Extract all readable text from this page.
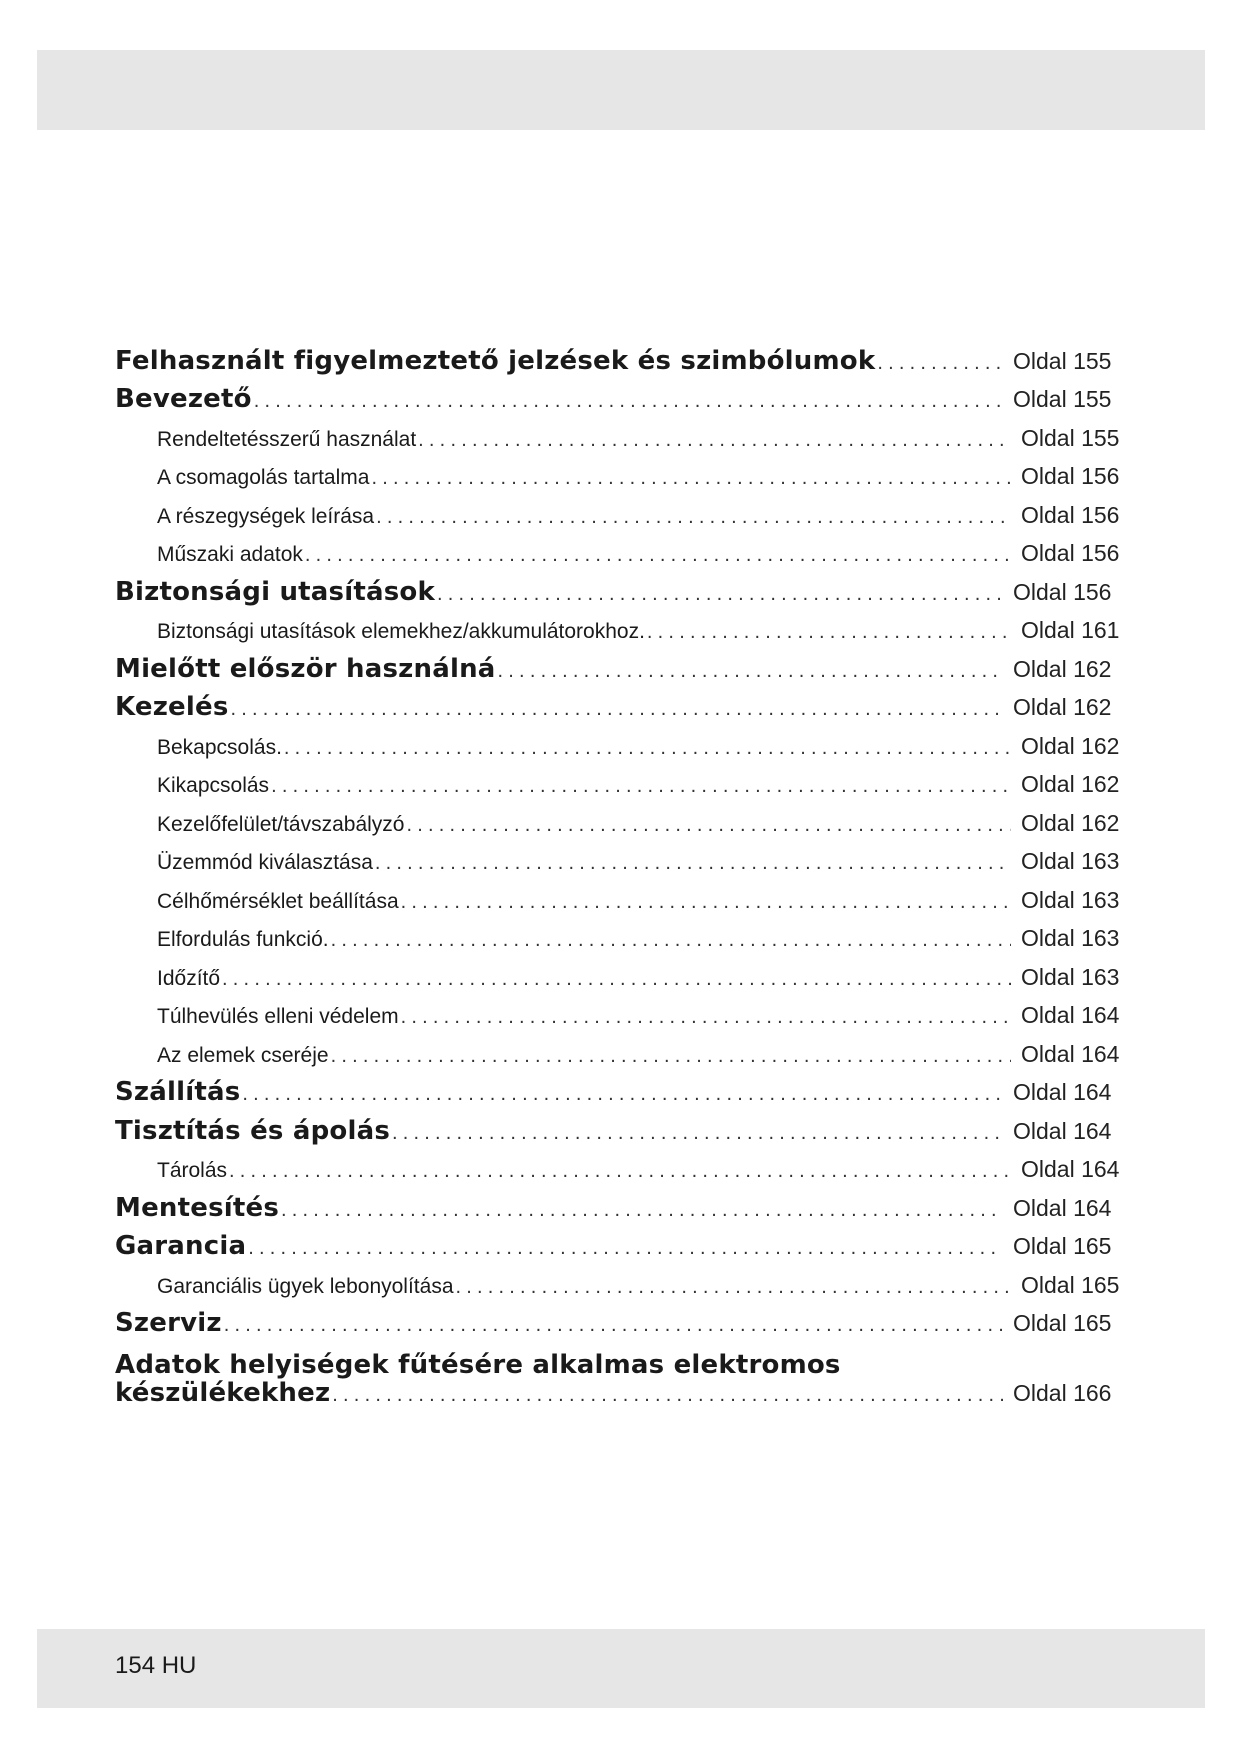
Felhasznált figyelmeztető jelzések és szimbólumok .....	Oldal 155
Bevezető .....	Oldal 155
Rendeltetésszerű használat .....	Oldal 155
A csomagolás tartalma .....	Oldal 156
A részegységek leírása .....	Oldal 156
Műszaki adatok .....	Oldal 156
Biztonsági utasítások .....	Oldal 156
Biztonsági utasítások elemekhez/akkumulátorokhoz. .....	Oldal 161
Mielőtt először használná .....	Oldal 162
Kezelés .....	Oldal 162
Bekapcsolás. .....	Oldal 162
Kikapcsolás .....	Oldal 162
Kezelőfelület/távszabályzó .....	Oldal 162
Üzemmód kiválasztása .....	Oldal 163
Célhőmérséklet beállítása .....	Oldal 163
Elfordulás funkció. .....	Oldal 163
Időzítő .....	Oldal 163
Túlhevülés elleni védelem .....	Oldal 164
Az elemek cseréje .....	Oldal 164
Szállítás .....	Oldal 164
Tisztítás és ápolás .....	Oldal 164
Tárolás .....	Oldal 164
Mentesítés .....	Oldal 164
Garancia .....	Oldal 165
Garanciális ügyek lebonyolítása .....	Oldal 165
Szerviz .....	Oldal 165
Adatok helyiségek fűtésére alkalmas elektromos
készülékekhez .....	Oldal 166
154 HU
